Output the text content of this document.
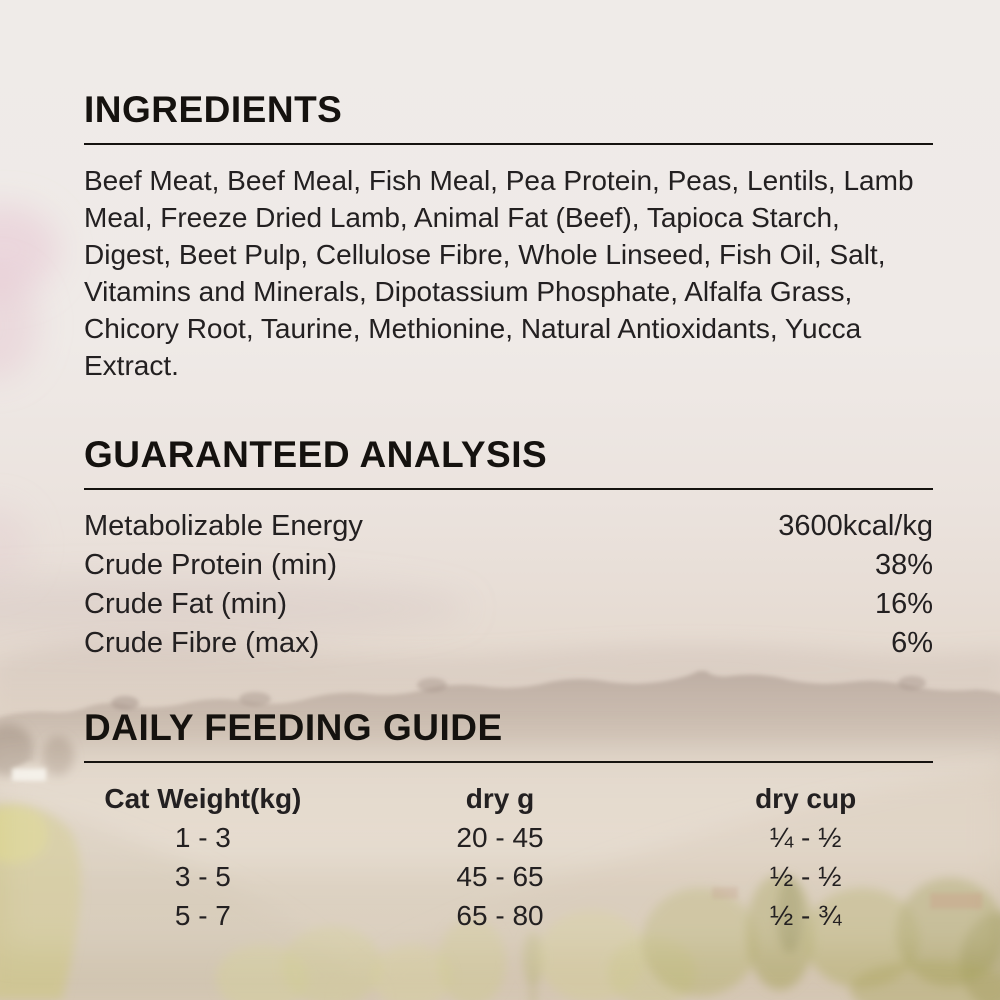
INGREDIENTS

Beef Meat, Beef Meal, Fish Meal, Pea Protein, Peas, Lentils, Lamb Meal, Freeze Dried Lamb, Animal Fat (Beef), Tapioca Starch, Digest, Beet Pulp, Cellulose Fibre, Whole Linseed, Fish Oil, Salt, Vitamins and Minerals, Dipotassium Phosphate, Alfalfa Grass, Chicory Root, Taurine, Methionine, Natural Antioxidants, Yucca Extract.

GUARANTEED ANALYSIS
Metabolizable Energy	3600kcal/kg
Crude Protein (min)	38%
Crude Fat (min)	16%
Crude Fibre (max)	6%
DAILY FEEDING GUIDE
Cat Weight(kg)	dry g	dry cup
1 - 3	20 - 45	¼ - ½
3 - 5	45 - 65	½ - ½
5 - 7	65 - 80	½ - ¾
